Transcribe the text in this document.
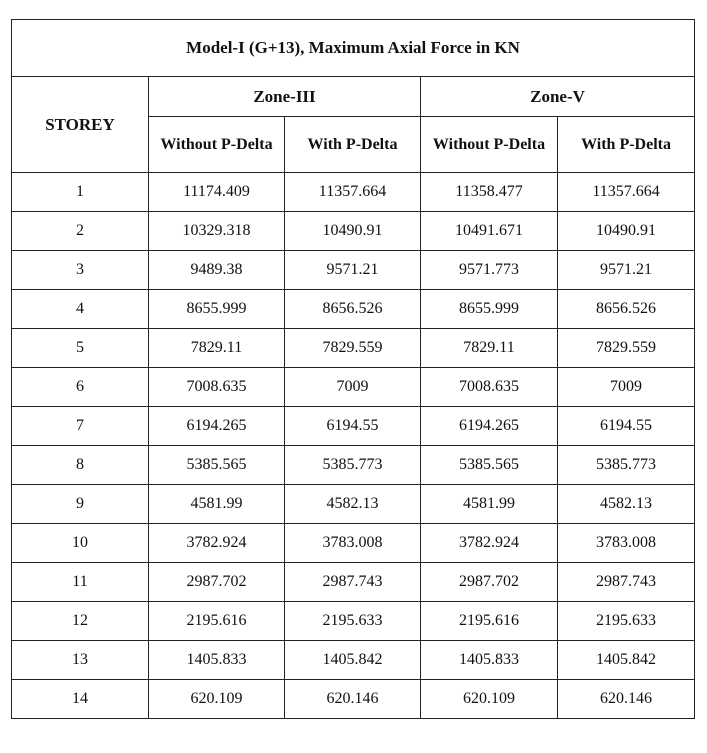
Model-I (G+13), Maximum Axial Force in KN				
STOREY	Zone-III		Zone-V	
	Without P-Delta	With P-Delta	Without P-Delta	With P-Delta
1	11174.409	11357.664	11358.477	11357.664
2	10329.318	10490.91	10491.671	10490.91
3	9489.38	9571.21	9571.773	9571.21
4	8655.999	8656.526	8655.999	8656.526
5	7829.11	7829.559	7829.11	7829.559
6	7008.635	7009	7008.635	7009
7	6194.265	6194.55	6194.265	6194.55
8	5385.565	5385.773	5385.565	5385.773
9	4581.99	4582.13	4581.99	4582.13
10	3782.924	3783.008	3782.924	3783.008
11	2987.702	2987.743	2987.702	2987.743
12	2195.616	2195.633	2195.616	2195.633
13	1405.833	1405.842	1405.833	1405.842
14	620.109	620.146	620.109	620.146
